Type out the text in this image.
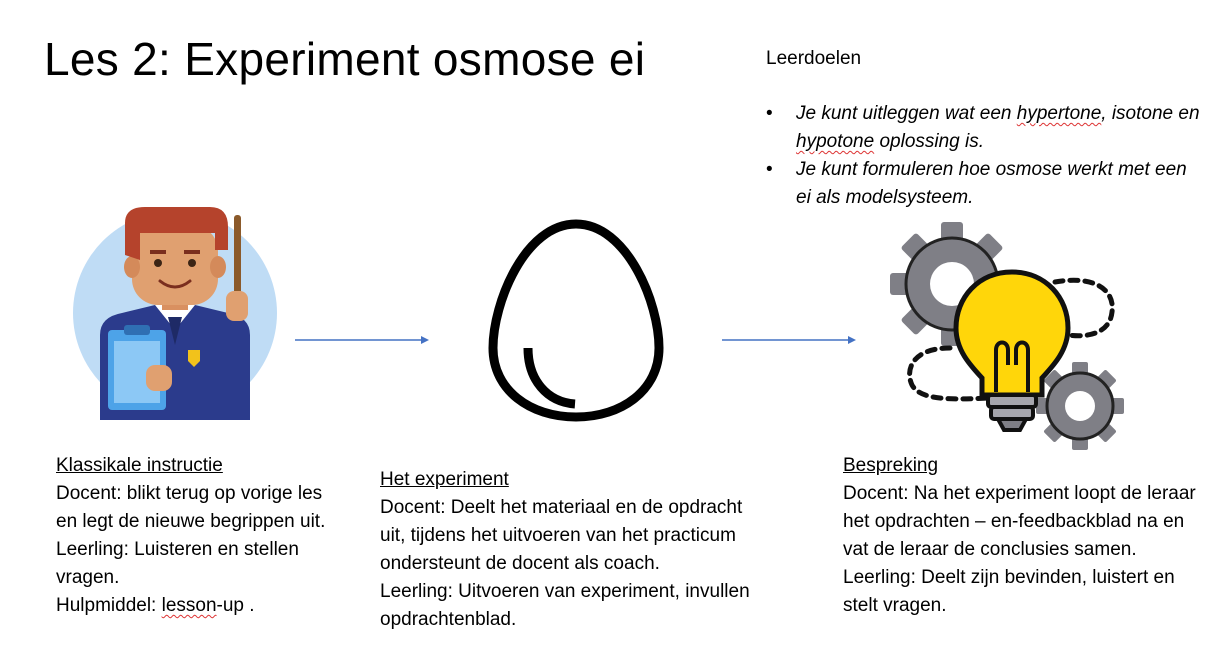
Les 2: Experiment osmose ei	Leerdoelen

• Je kunt uitleggen wat een hypertone, isotone en hypotone oplossing is.
• Je kunt formuleren hoe osmose werkt met een ei als modelsysteem.
Klassikale instructie
Docent: blikt terug op vorige les en legt de nieuwe begrippen uit.
Leerling: Luisteren en stellen vragen.
Hulpmiddel: lesson-up .
Het experiment
Docent: Deelt het materiaal en de opdracht uit, tijdens het uitvoeren van het practicum ondersteunt de docent als coach.
Leerling: Uitvoeren van experiment, invullen opdrachtenblad.
Bespreking
Docent: Na het experiment loopt de leraar het opdrachten – en-feedbackblad na en vat de leraar de conclusies samen.
Leerling: Deelt zijn bevinden, luistert en stelt vragen.
